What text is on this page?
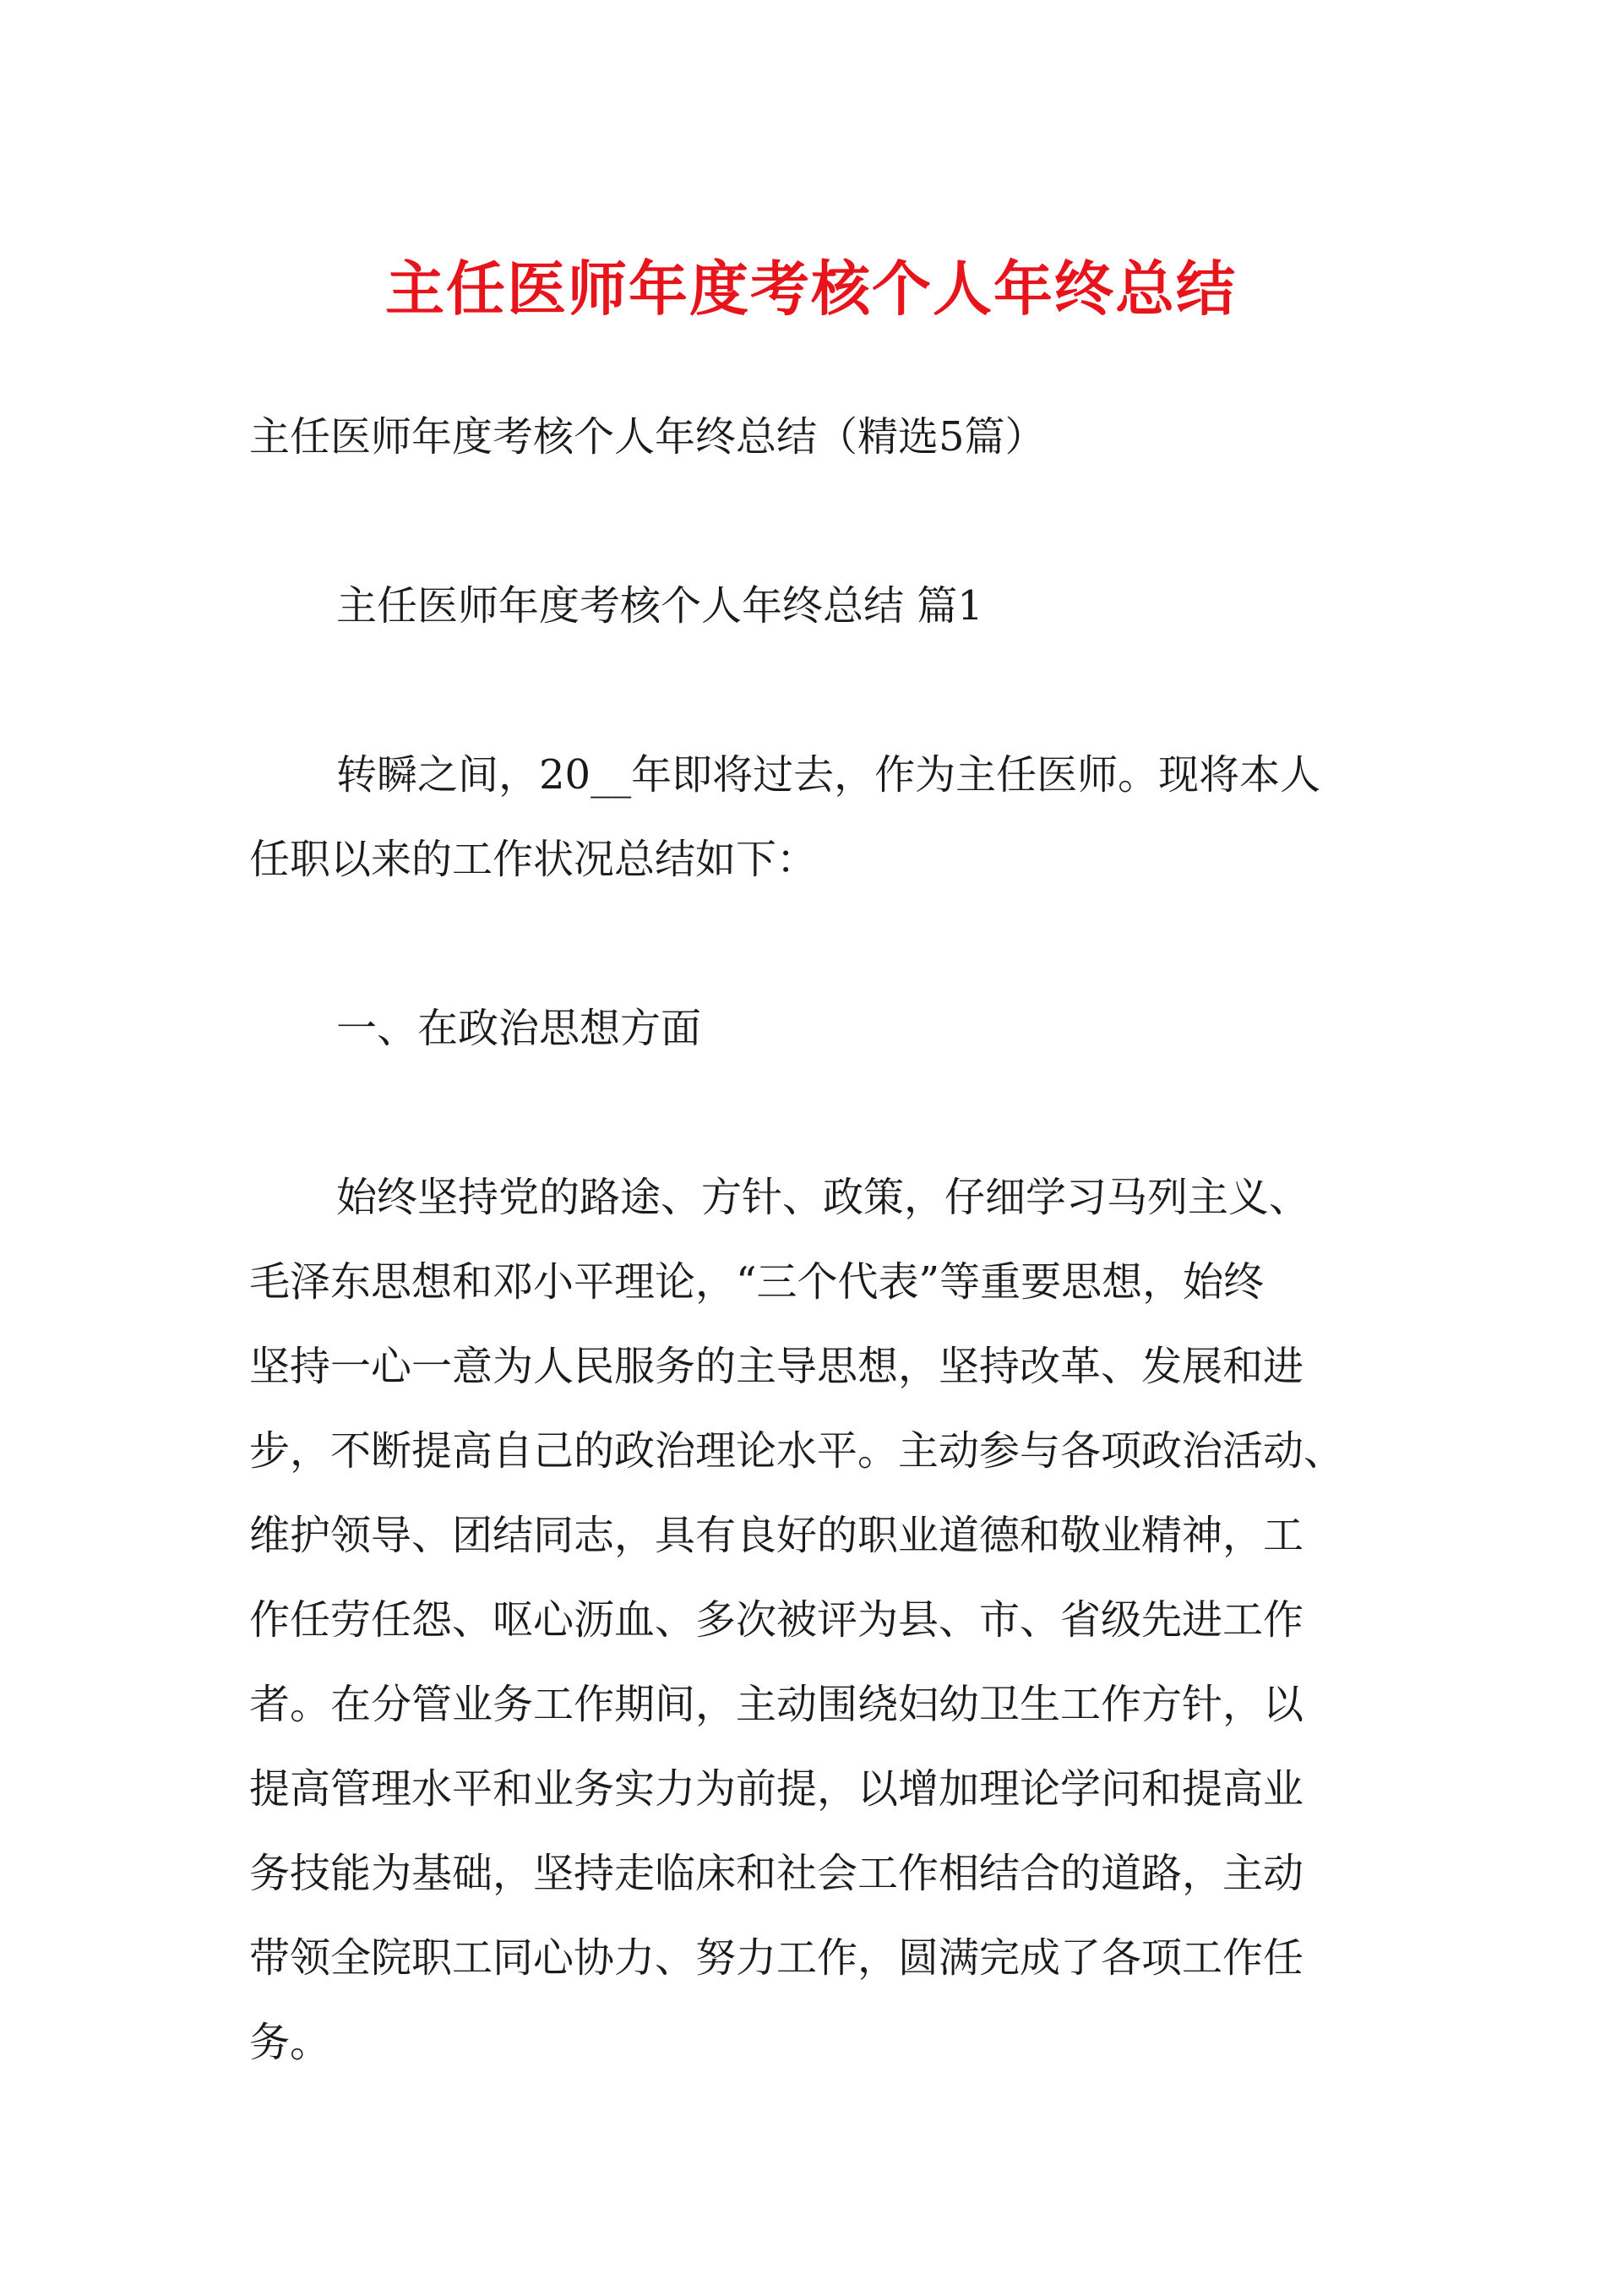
主任医师年度考核个人年终总结
主任医师年度考核个人年终总结（精选5篇）
主任医师年度考核个人年终总结 篇1
转瞬之间，20__年即将过去，作为主任医师。现将本人
任职以来的工作状况总结如下：
一、在政治思想方面
始终坚持党的路途、方针、政策，仔细学习马列主义、
毛泽东思想和邓小平理论，“三个代表”等重要思想，始终
坚持一心一意为人民服务的主导思想，坚持改革、发展和进
步，不断提高自己的政治理论水平。主动参与各项政治活动、
维护领导、团结同志，具有良好的职业道德和敬业精神，工
作任劳任怨、呕心沥血、多次被评为县、市、省级先进工作
者。在分管业务工作期间，主动围绕妇幼卫生工作方针，以
提高管理水平和业务实力为前提，以增加理论学问和提高业
务技能为基础，坚持走临床和社会工作相结合的道路，主动
带领全院职工同心协力、努力工作，圆满完成了各项工作任
务。
